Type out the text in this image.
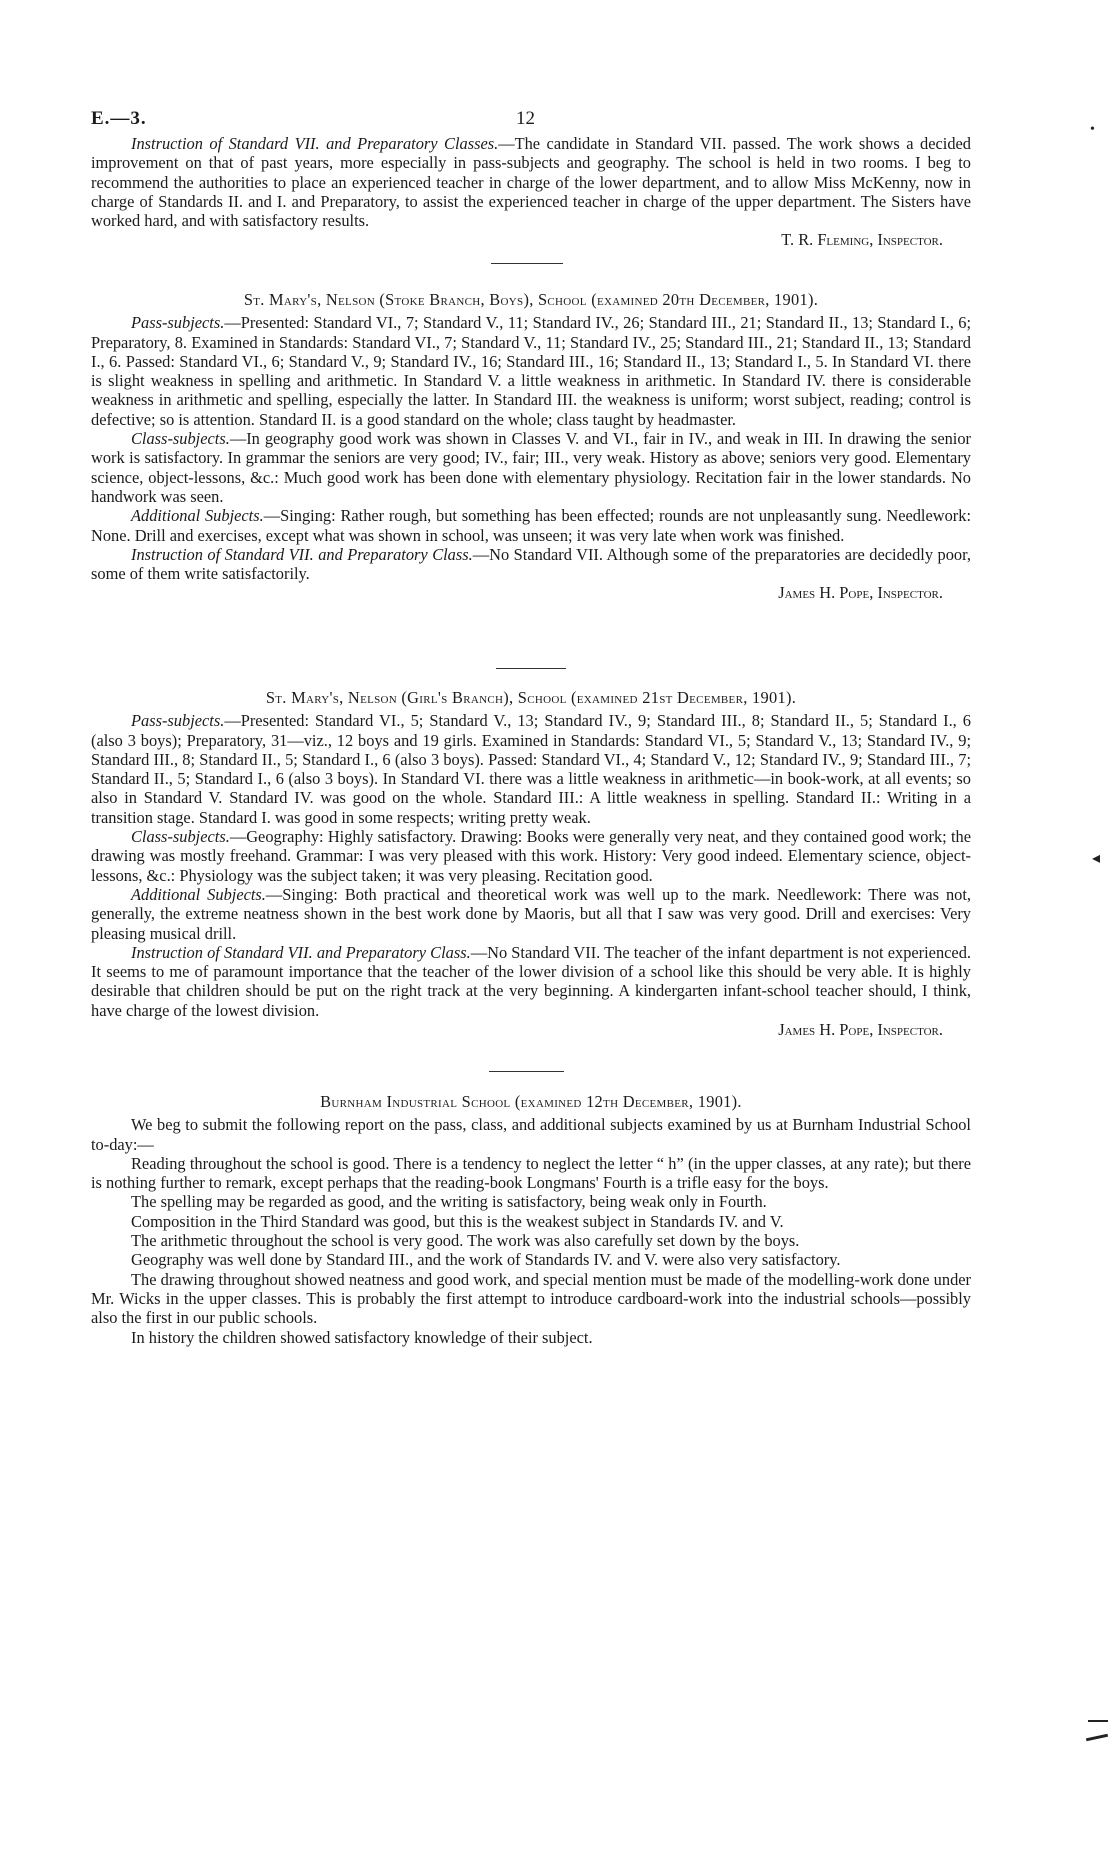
E.—3.	12

Instruction of Standard VII. and Preparatory Classes.—The candidate in Standard VII. passed. The work shows a decided improvement on that of past years, more especially in pass-subjects and geography. The school is held in two rooms. I beg to recommend the authorities to place an experienced teacher in charge of the lower department, and to allow Miss McKenny, now in charge of Standards II. and I. and Preparatory, to assist the experienced teacher in charge of the upper department. The Sisters have worked hard, and with satisfactory results.

T. R. Fleming, Inspector.

St. Mary's, Nelson (Stoke Branch, Boys), School (examined 20th December, 1901).

Pass-subjects.—Presented: Standard VI., 7; Standard V., 11; Standard IV., 26; Standard III., 21; Standard II., 13; Standard I., 6; Preparatory, 8. Examined in Standards: Standard VI., 7; Standard V., 11; Standard IV., 25; Standard III., 21; Standard II., 13; Standard I., 6. Passed: Standard VI., 6; Standard V., 9; Standard IV., 16; Standard III., 16; Standard II., 13; Standard I., 5. In Standard VI. there is slight weakness in spelling and arithmetic. In Standard V. a little weakness in arithmetic. In Standard IV. there is considerable weakness in arithmetic and spelling, especially the latter. In Standard III. the weakness is uniform; worst subject, reading; control is defective; so is attention. Standard II. is a good standard on the whole; class taught by headmaster.

Class-subjects.—In geography good work was shown in Classes V. and VI., fair in IV., and weak in III. In drawing the senior work is satisfactory. In grammar the seniors are very good; IV., fair; III., very weak. History as above; seniors very good. Elementary science, object-lessons, &c.: Much good work has been done with elementary physiology. Recitation fair in the lower standards. No handwork was seen.

Additional Subjects.—Singing: Rather rough, but something has been effected; rounds are not unpleasantly sung. Needlework: None. Drill and exercises, except what was shown in school, was unseen; it was very late when work was finished.

Instruction of Standard VII. and Preparatory Class.—No Standard VII. Although some of the preparatories are decidedly poor, some of them write satisfactorily.

James H. Pope, Inspector.

St. Mary's, Nelson (Girl's Branch), School (examined 21st December, 1901).

Pass-subjects.—Presented: Standard VI., 5; Standard V., 13; Standard IV., 9; Standard III., 8; Standard II., 5; Standard I., 6 (also 3 boys); Preparatory, 31—viz., 12 boys and 19 girls. Examined in Standards: Standard VI., 5; Standard V., 13; Standard IV., 9; Standard III., 8; Standard II., 5; Standard I., 6 (also 3 boys). Passed: Standard VI., 4; Standard V., 12; Standard IV., 9; Standard III., 7; Standard II., 5; Standard I., 6 (also 3 boys). In Standard VI. there was a little weakness in arithmetic—in book-work, at all events; so also in Standard V. Standard IV. was good on the whole. Standard III.: A little weakness in spelling. Standard II.: Writing in a transition stage. Standard I. was good in some respects; writing pretty weak.

Class-subjects.—Geography: Highly satisfactory. Drawing: Books were generally very neat, and they contained good work; the drawing was mostly freehand. Grammar: I was very pleased with this work. History: Very good indeed. Elementary science, object-lessons, &c.: Physiology was the subject taken; it was very pleasing. Recitation good.

Additional Subjects.—Singing: Both practical and theoretical work was well up to the mark. Needlework: There was not, generally, the extreme neatness shown in the best work done by Maoris, but all that I saw was very good. Drill and exercises: Very pleasing musical drill.

Instruction of Standard VII. and Preparatory Class.—No Standard VII. The teacher of the infant department is not experienced. It seems to me of paramount importance that the teacher of the lower division of a school like this should be very able. It is highly desirable that children should be put on the right track at the very beginning. A kindergarten infant-school teacher should, I think, have charge of the lowest division.

James H. Pope, Inspector.

Burnham Industrial School (examined 12th December, 1901).

We beg to submit the following report on the pass, class, and additional subjects examined by us at Burnham Industrial School to-day:—

Reading throughout the school is good. There is a tendency to neglect the letter “ h” (in the upper classes, at any rate); but there is nothing further to remark, except perhaps that the reading-book Longmans' Fourth is a trifle easy for the boys.

The spelling may be regarded as good, and the writing is satisfactory, being weak only in Fourth.

Composition in the Third Standard was good, but this is the weakest subject in Standards IV. and V.

The arithmetic throughout the school is very good. The work was also carefully set down by the boys.

Geography was well done by Standard III., and the work of Standards IV. and V. were also very satisfactory.

The drawing throughout showed neatness and good work, and special mention must be made of the modelling-work done under Mr. Wicks in the upper classes. This is probably the first attempt to introduce cardboard-work into the industrial schools—possibly also the first in our public schools.

In history the children showed satisfactory knowledge of their subject.

•
◂
